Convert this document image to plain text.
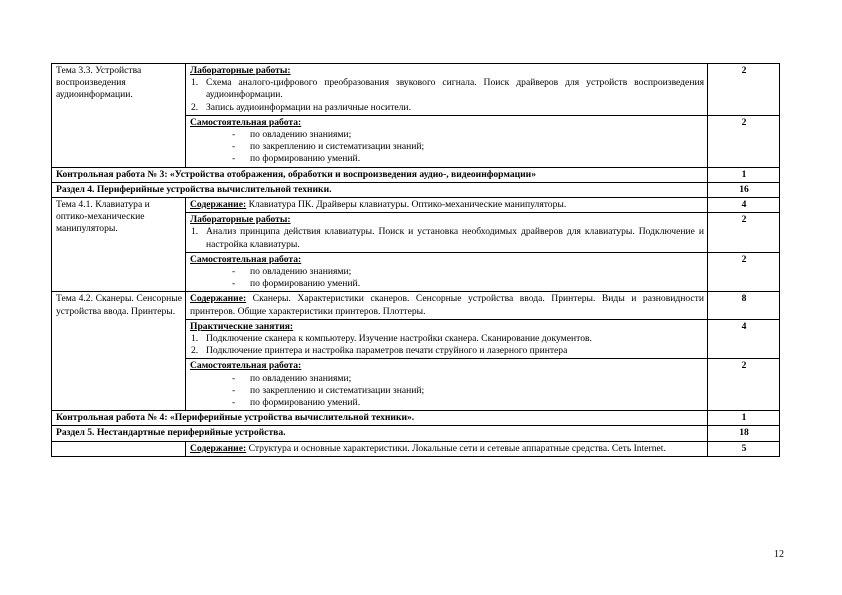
Тема 3.3. Устройства воспроизведения аудиоинформации.	Лабораторные работы:
1. Схема аналого-цифрового преобразования звукового сигнала. Поиск драйверов для устройств воспроизведения аудиоинформации.
2. Запись аудиоинформации на различные носители.	2

	Самостоятельная работа:
- по овладению знаниями;
- по закреплению и систематизации знаний;
- по формированию умений.	2
Контрольная работа № 3: «Устройства отображения, обработки и воспроизведения аудио-, видеоинформации»		1
Раздел 4. Периферийные устройства вычислительной техники.		16
Тема 4.1. Клавиатура и оптико-механические манипуляторы.	Содержание: Клавиатура ПК. Драйверы клавиатуры. Оптико-механические манипуляторы.	4

	Лабораторные работы:
1. Анализ принципа действия клавиатуры. Поиск и установка необходимых драйверов для клавиатуры. Подключение и настройка клавиатуры.	2

	Самостоятельная работа:
- по овладению знаниями;
- по формированию умений.	2
Тема 4.2. Сканеры. Сенсорные устройства ввода. Принтеры.	Содержание: Сканеры. Характеристики сканеров. Сенсорные устройства ввода. Принтеры. Виды и разновидности принтеров. Общие характеристики принтеров. Плоттеры.	8

	Практические занятия:
1. Подключение сканера к компьютеру. Изучение настройки сканера. Сканирование документов.
2. Подключение принтера и настройка параметров печати струйного и лазерного принтера	4

	Самостоятельная работа:
- по овладению знаниями;
- по закреплению и систематизации знаний;
- по формированию умений.	2
Контрольная работа № 4: «Периферийные устройства вычислительной техники».		1
Раздел 5. Нестандартные периферийные устройства.		18
	Содержание: Структура и основные характеристики. Локальные сети и сетевые аппаратные средства. Сеть Internet.	5
12
